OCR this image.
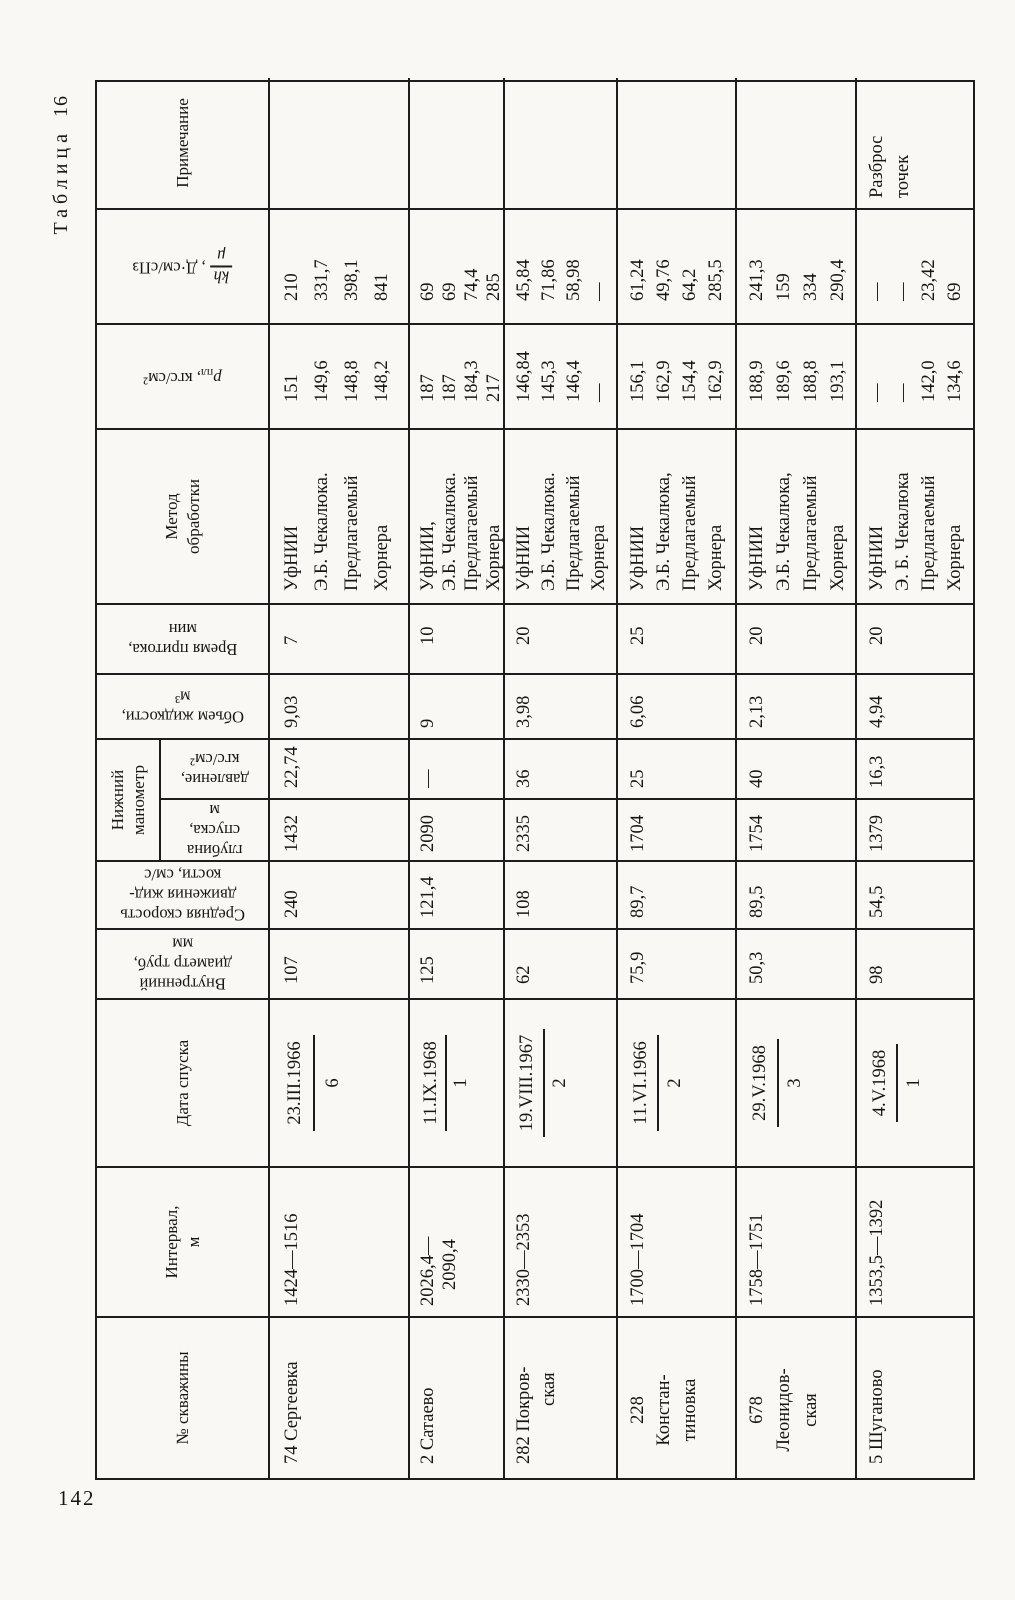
Таблица16
№ скважины
Интервал, м
Дата спуска
Внутренний
диаметр труб,
мм
Средняя скорость
движения жид-
кости, см/с
Нижний манометр
глубина
спуска,
м
давление,
кгс/см²
Объем жидкости,
м³
Время притока,
мин
Метод обработки
$р_{пл}$, кгс/см²
kh
μ
, Д·см/сПз
Примечание
74 Сергеевка
1424—1516
23.III.1966 6
107
240
1432
22,74
9,03
7
УфНИИ Э.Б. Чекалюка. Предлагаемый Хорнера
151 149,6 148,8 148,2
210 331,7 398,1 841
2 Сатаево
2026,4— 2090,4
11.IX.1968 1
125
121,4
2090
—
9
10
УфНИИ, Э.Б. Чекалюка. Предлагаемый Хорнера
187 187 184,3 217
69 69 74,4 285
282 Покров- ская
2330—2353
19.VIII.1967 2
62
108
2335
36
3,98
20
УфНИИ Э.Б. Чекалюка. Предлагаемый Хорнера
146,84 145,3 146,4 —
45,84 71,86 58,98 —
228 Констан- тиновка
1700—1704
11.VI.1966 2
75,9
89,7
1704
25
6,06
25
УфНИИ Э.Б. Чекалюка, Предлагаемый Хорнера
156,1 162,9 154,4 162,9
61,24 49,76 64,2 285,5
678 Леонидов- ская
1758—1751
29.V.1968 3
50,3
89,5
1754
40
2,13
20
УфНИИ Э.Б. Чекалюка, Предлагаемый Хорнера
188,9 189,6 188,8 193,1
241,3 159 334 290,4
5 Шуганово
1353,5—1392
4.V.1968 1
98
54,5
1379
16,3
4,94
20
УфНИИ Э. Б. Чекалюка Предлагаемый Хорнера
— — 142,0 134,6
— — 23,42 69
Разброс точек
142
